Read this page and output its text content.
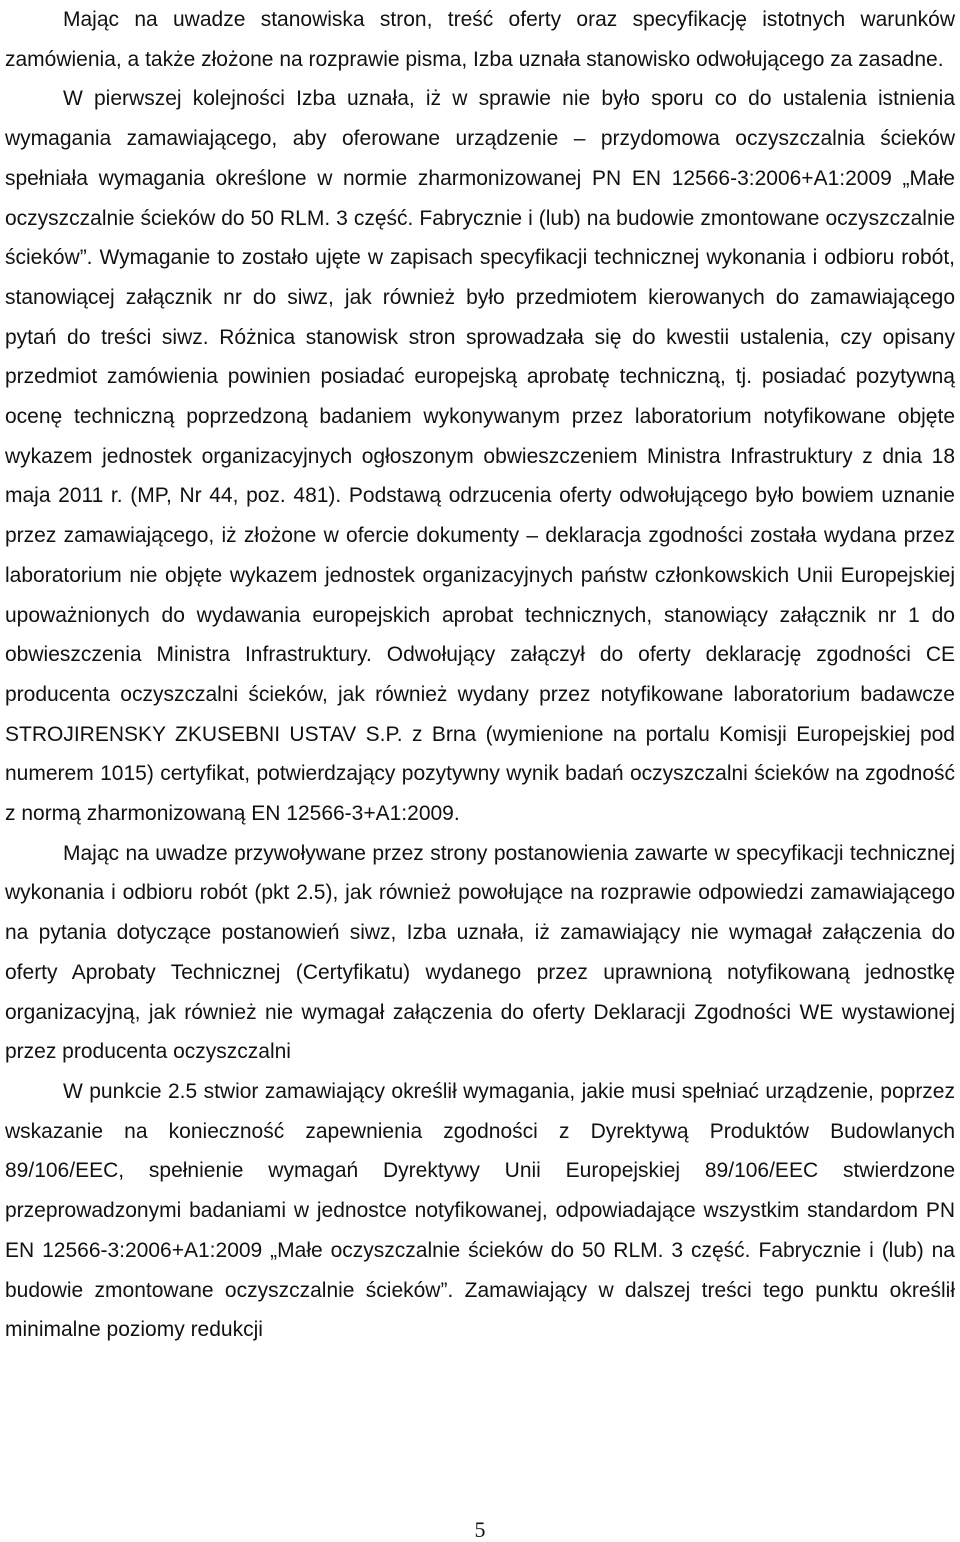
Mając na uwadze stanowiska stron, treść oferty oraz specyfikację istotnych warunków zamówienia, a także złożone na rozprawie pisma, Izba uznała stanowisko odwołującego za zasadne.

W pierwszej kolejności Izba uznała, iż w sprawie nie było sporu co do ustalenia istnienia wymagania zamawiającego, aby oferowane urządzenie – przydomowa oczyszczalnia ścieków spełniała wymagania określone w normie zharmonizowanej PN EN 12566-3:2006+A1:2009 „Małe oczyszczalnie ścieków do 50 RLM. 3 część. Fabrycznie i (lub) na budowie zmontowane oczyszczalnie ścieków”. Wymaganie to zostało ujęte w zapisach specyfikacji technicznej wykonania i odbioru robót, stanowiącej załącznik nr do siwz, jak również było przedmiotem kierowanych do zamawiającego pytań do treści siwz. Różnica stanowisk stron sprowadzała się do kwestii ustalenia, czy opisany przedmiot zamówienia powinien posiadać europejską aprobatę techniczną, tj. posiadać pozytywną ocenę techniczną poprzedzoną badaniem wykonywanym przez laboratorium notyfikowane objęte wykazem jednostek organizacyjnych ogłoszonym obwieszczeniem Ministra Infrastruktury z dnia 18 maja 2011 r. (MP, Nr 44, poz. 481). Podstawą odrzucenia oferty odwołującego było bowiem uznanie przez zamawiającego, iż złożone w ofercie dokumenty – deklaracja zgodności została wydana przez laboratorium nie objęte wykazem jednostek organizacyjnych państw członkowskich Unii Europejskiej upoważnionych do wydawania europejskich aprobat technicznych, stanowiący załącznik nr 1 do obwieszczenia Ministra Infrastruktury. Odwołujący załączył do oferty deklarację zgodności CE producenta oczyszczalni ścieków, jak również wydany przez notyfikowane laboratorium badawcze STROJIRENSKY ZKUSEBNI USTAV S.P. z Brna (wymienione na portalu Komisji Europejskiej pod numerem 1015) certyfikat, potwierdzający pozytywny wynik badań oczyszczalni ścieków na zgodność z normą zharmonizowaną EN 12566-3+A1:2009.

Mając na uwadze przywoływane przez strony postanowienia zawarte w specyfikacji technicznej wykonania i odbioru robót (pkt 2.5), jak również powołujące na rozprawie odpowiedzi zamawiającego na pytania dotyczące postanowień siwz, Izba uznała, iż zamawiający nie wymagał załączenia do oferty Aprobaty Technicznej (Certyfikatu) wydanego przez uprawnioną notyfikowaną jednostkę organizacyjną, jak również nie wymagał załączenia do oferty Deklaracji Zgodności WE wystawionej przez producenta oczyszczalni

W punkcie 2.5 stwior zamawiający określił wymagania, jakie musi spełniać urządzenie, poprzez wskazanie na konieczność zapewnienia zgodności z Dyrektywą Produktów Budowlanych 89/106/EEC, spełnienie wymagań Dyrektywy Unii Europejskiej 89/106/EEC stwierdzone przeprowadzonymi badaniami w jednostce notyfikowanej, odpowiadające wszystkim standardom PN EN 12566-3:2006+A1:2009 „Małe oczyszczalnie ścieków do 50 RLM. 3 część. Fabrycznie i (lub) na budowie zmontowane oczyszczalnie ścieków”. Zamawiający w dalszej treści tego punktu określił minimalne poziomy redukcji

5
